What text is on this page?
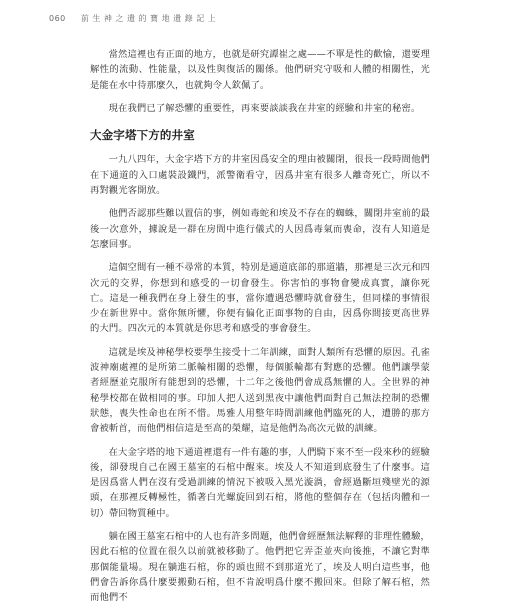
060 前 生 神 之 遺 的 寶 地 遺 錄 記 上

當然這裡也有正面的地方，也就是研究譚崔之處——不單是性的歡愉，還要理解性的流動、性能量，以及性與復活的關係。他們研究守吸和人體的相關性，光是能在水中待那麼久，也就夠令人欽佩了。

現在我們已了解恐懼的重要性，再來要談談我在井室的經驗和井室的秘密。

大金字塔下方的井室

一九八四年，大金字塔下方的井室因爲安全的理由被關閉，很長一段時間他們在下通道的入口處裝設鐵門，派警衛看守，因爲井室有很多人離奇死亡，所以不再對觀光客開放。

他們否認那些難以置信的事，例如毒蛇和埃及不存在的蜘蛛，關閉井室前的最後一次意外，據說是一群在房間中進行儀式的人因爲毒氣而喪命，沒有人知道是怎麼回事。

這個空間有一種不尋常的本質，特別是通道底部的那道牆，那裡是三次元和四次元的交界，你想到和感受的一切會發生。你害怕的事物會變成真實，讓你死亡。這是一種我們在身上發生的事，當你遭遇恐懼時就會發生，但同樣的事情很少在新世界中。當你無所懼，你便有偏化正面事物的自由，因爲你間接更高世界的大門。四次元的本質就是你思考和感受的事會發生。

這就是埃及神秘學校要學生接受十二年訓練，面對人類所有恐懼的原因。孔雀波神廟處裡的是所第二脈輪相關的恐懼，每個脈輪都有對應的恐懼。他們讓學蒙者經歷並克服所有能想到的恐懼，十二年之後他們會成爲無懼的人。全世界的神秘學校都在做相同的事。印加人把人送到黑夜中讓他們面對自己無法控制的恐懼狀態，喪失性命也在所不惜。馬雅人用整年時間訓練他們臨死的人，遭勝的那方會被斬首，而他們相信這是至高的榮耀，這是他們為高次元做的訓練。

在大金字塔的地下通道裡還有一件有趣的事，人們騎下來不至一段來秒的經驗後，卻發現自己在國王墓室的石棺中醒來。埃及人不知道到底發生了什麼事。這是因爲當人們在沒有受過訓練的情況下被吸入黑光漩渦，會經過斷垣殘壁光的源頭，在那裡反轉極性，循著白光螺旋回到石棺，將他的整個存在（包括肉體和一切）帶回物質種中。

躺在國王墓室石棺中的人也有許多問題，他們會經歷無法解釋的非理性體驗，因此石棺的位置在很久以前就被移動了。他們把它弄歪並夾向後推，不讓它對準那個能量場。現在躺進石棺，你的頭也照不到那道光了，埃及人明白這些事，他們會告訴你爲什麼要搬動石棺，但不肯說明爲什麼不搬回來。但除了解石棺，然而他們不
